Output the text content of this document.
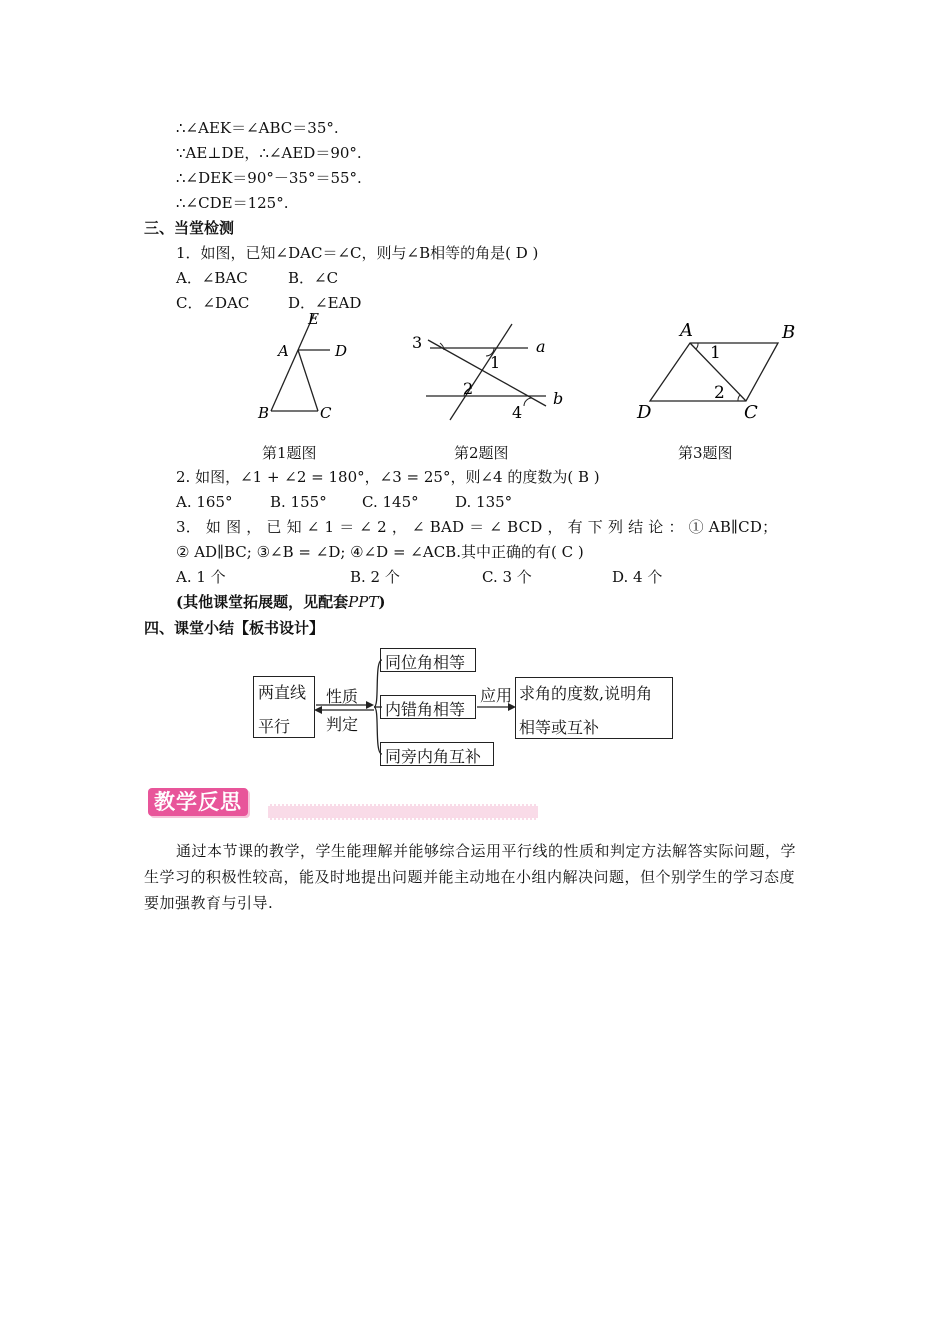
∴∠AEK＝∠ABC＝35°.
∵AE⊥DE，∴∠AED＝90°.
∴∠DEK＝90°－35°＝55°.
∴∠CDE＝125°.
三、当堂检测
1．如图，已知∠DAC＝∠C，则与∠B相等的角是( D )
A．∠BAC	B．∠C
C．∠DAC	D．∠EAD
E
A	D
B	C
3
1
a
2
4
b
A	B
1
2
D	C
第1题图	第2题图	第3题图
2. 如图，∠1 + ∠2 = 180°，∠3 = 25°，则∠4 的度数为( B )
A. 165°	B. 155° C. 145° D. 135°
3． 如 图 ， 已 知 ∠ 1 ＝ ∠ 2 ， ∠ BAD ＝ ∠ BCD ， 有 下 列 结 论 ： ① AB∥CD；
② AD∥BC; ③∠B = ∠D; ④∠D = ∠ACB.其中正确的有( C )
A. 1 个	B. 2 个	C. 3 个	D. 4 个
(其他课堂拓展题，见配套PPT)
四、课堂小结【板书设计】
两直线
平行
性质
判定
同位角相等
内错角相等
同旁内角互补
应用 求角的度数,说明角
相等或互补
教学反思
通过本节课的教学，学生能理解并能够综合运用平行线的性质和判定方法解答实际问题，学生学习的积极性较高，能及时地提出问题并能主动地在小组内解决问题，但个别学生的学习态度要加强教育与引导.
